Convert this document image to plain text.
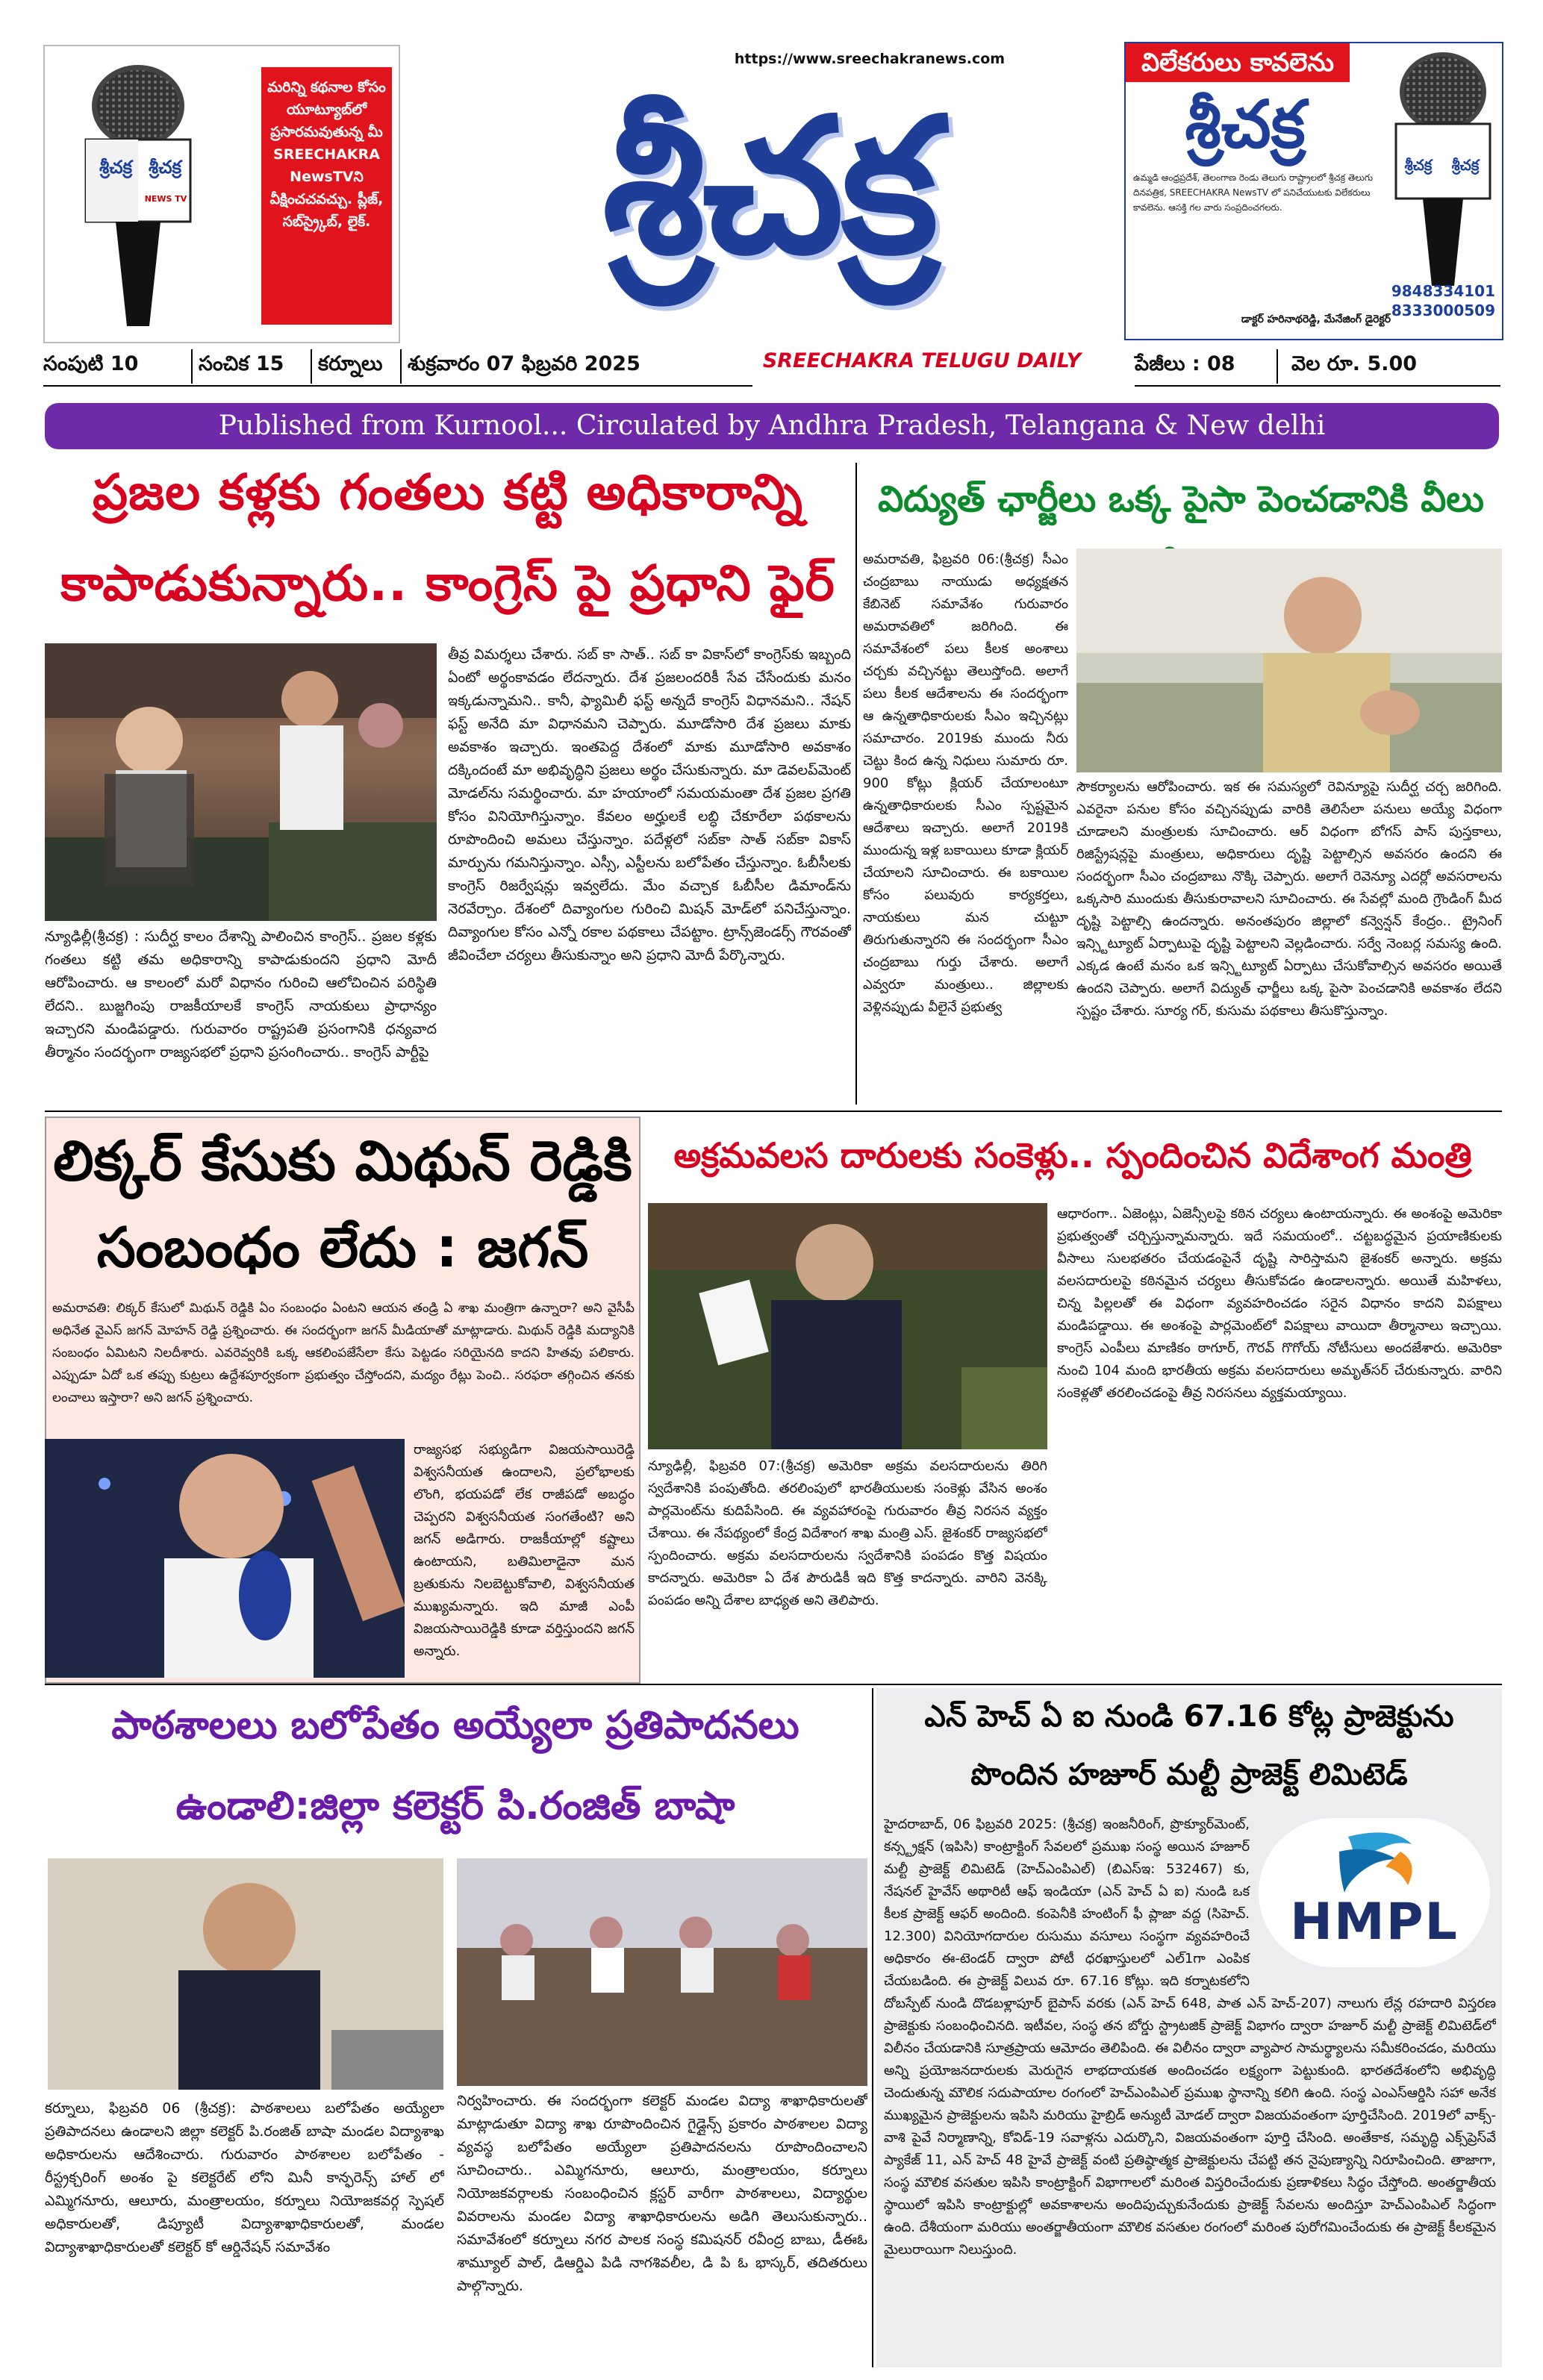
శ్రీచక్ర శ్రీచక్ర
NEWS TV
మరిన్ని కథనాల కోసం యూట్యూబ్‌లో ప్రసారమవుతున్న మీ SREECHAKRA NewsTVని వీక్షించచవచ్చు. ప్లీజ్, సబ్‌స్ర్కైబ్, లైక్.
https://www.sreechakranews.com
శ్రీచక్ర
విలేకరులు కావలెను
శ్రీచక్ర
ఉమ్మడి ఆంధ్రప్రదేశ్, తెలంగాణ రెండు తెలుగు రాష్ట్రాలలో శ్రీచక్ర తెలుగు దినపత్రిక, SREECHAKRA NewsTV లో పనిచేయుటకు విలేకరులు కావలెను. ఆసక్తి గల వారు సంప్రదించగలరు.
శ్రీచక్ర శ్రీచక్ర
9848334101
8333000509
డాక్టర్ హరినాథరెడ్డి, మేనేజింగ్ డైరెక్టర్
సంపుటి 10	సంచిక 15 కర్నూలు శుక్రవారం 07 ఫిబ్రవరి 2025	SREECHAKRA TELUGU DAILY	పేజీలు : 08	వెల రూ. 5.00
Published from Kurnool... Circulated by Andhra Pradesh, Telangana & New delhi
ప్రజల కళ్లకు గంతలు కట్టి అధికారాన్ని
కాపాడుకున్నారు.. కాంగ్రెస్ పై ప్రధాని ఫైర్
న్యూఢిల్లీ(శ్రీచక్ర) : సుదీర్ఘ కాలం దేశాన్ని పాలించిన కాంగ్రెస్.. ప్రజల కళ్లకు గంతలు కట్టి తమ అధికారాన్ని కాపాడుకుందని ప్రధాని మోదీ ఆరోపించారు. ఆ కాలంలో మరో విధానం గురించి ఆలోచించిన పరిస్థితి లేదని.. బుజ్జగింపు రాజకీయాలకే కాంగ్రెస్ నాయకులు ప్రాధాన్యం ఇచ్చారని మండిపడ్డారు. గురువారం రాష్ట్రపతి ప్రసంగానికి ధన్యవాద తీర్మానం సందర్భంగా రాజ్యసభలో ప్రధాని ప్రసంగించారు.. కాంగ్రెస్ పార్టీపై
తీవ్ర విమర్శలు చేశారు. సబ్ కా సాత్.. సబ్ కా వికాస్‌లో కాంగ్రెస్‌కు ఇబ్బంది ఏంటో అర్థంకావడం లేదన్నారు. దేశ ప్రజలందరికీ సేవ చేసేందుకు మనం ఇక్కడున్నామని.. కానీ, ఫ్యామిలీ ఫస్ట్ అన్నదే కాంగ్రెస్ విధానమని.. నేషన్ ఫస్ట్ అనేది మా విధానమని చెప్పారు. మూడోసారి దేశ ప్రజలు మాకు అవకాశం ఇచ్చారు. ఇంతపెద్ద దేశంలో మాకు మూడోసారి అవకాశం దక్కిందంటే మా అభివృద్ధిని ప్రజలు అర్థం చేసుకున్నారు. మా డెవలప్‌మెంట్ మోడల్‌ను సమర్థించారు. మా హయాంలో సమయమంతా దేశ ప్రజల ప్రగతి కోసం వినియోగిస్తున్నాం. కేవలం అర్హులకే లబ్ధి చేకూరేలా పథకాలను రూపొందించి అమలు చేస్తున్నాం. పదేళ్లలో సబ్‌కా సాత్ సబ్‌కా వికాస్ మార్పును గమనిస్తున్నాం. ఎస్సీ, ఎస్టీలను బలోపేతం చేస్తున్నాం. ఓబీసీలకు కాంగ్రెస్ రిజర్వేషన్లు ఇవ్వలేదు. మేం వచ్చాక ఓబీసీల డిమాండ్‌ను నెరవేర్చాం. దేశంలో దివ్యాంగుల గురించి మిషన్ మోడ్‌లో పనిచేస్తున్నాం. దివ్యాంగుల కోసం ఎన్నో రకాల పథకాలు చేపట్టాం. ట్రాన్స్‌జెండర్స్ గౌరవంతో జీవించేలా చర్యలు తీసుకున్నాం అని ప్రధాని మోదీ పేర్కొన్నారు.
విద్యుత్ ఛార్జీలు ఒక్క పైసా పెంచడానికి వీలు
అమరావతి, ఫిబ్రవరి 06:(శ్రీచక్ర) సీఎం చంద్రబాబు నాయుడు అధ్యక్షతన కేబినెట్ సమావేశం గురువారం అమరావతిలో జరిగింది. ఈ సమావేశంలో పలు కీలక అంశాలు చర్చకు వచ్చినట్టు తెలుస్తోంది. అలాగే పలు కీలక ఆదేశాలను ఈ సందర్భంగా ఆ ఉన్నతాధికారులకు సీఎం ఇచ్చినట్లు సమాచారం. 2019కు ముందు నీరు చెట్టు కింద ఉన్న నిధులు సుమారు రూ. 900 కోట్లు క్లియర్ చేయాలంటూ ఉన్నతాధికారులకు సీఎం స్పష్టమైన ఆదేశాలు ఇచ్చారు. అలాగే 2019కి ముందున్న ఇళ్ల బకాయిలు కూడా క్లియర్ చేయాలని సూచించారు. ఈ బకాయిల కోసం పలువురు కార్యకర్తలు, నాయకులు మన చుట్టూ తిరుగుతున్నారని ఈ సందర్భంగా సీఎం చంద్రబాబు గుర్తు చేశారు. అలాగే ఎవ్వరూ మంత్రులు.. జిల్లాలకు వెళ్లినప్పుడు వీలైనే ప్రభుత్వ
సౌకర్యాలను ఆరోపించారు. ఇక ఈ సమస్యలో రెవిన్యూపై సుదీర్ఘ చర్చ జరిగింది. ఎవరైనా పనుల కోసం వచ్చినప్పుడు వారికి తెలిసేలా పనులు అయ్యే విధంగా చూడాలని మంత్రులకు సూచించారు. ఆర్ విధంగా బోగస్ పాస్ పుస్తకాలు, రిజిస్ట్రేషన్లపై మంత్రులు, అధికారులు దృష్టి పెట్టాల్సిన అవసరం ఉందని ఈ సందర్భంగా సీఎం చంద్రబాబు నొక్కి చెప్పారు. అలాగే రెవెన్యూ ఎదర్లో అవసరాలను ఒక్కసారి ముందుకు తీసుకురావాలని సూచించారు. ఈ సేవల్లో మంది గ్రౌండింగ్ మీద దృష్టి పెట్టాల్సి ఉందన్నారు. అనంతపురం జిల్లాలో కన్వెన్షన్ కేంద్రం.. ట్రైనింగ్ ఇన్స్టిట్యూట్ ఏర్పాటుపై దృష్టి పెట్టాలని వెల్లడించారు. సర్వే నెంబర్ల సమస్య ఉంది. ఎక్కడ ఉంటే మనం ఒక ఇన్స్టిట్యూట్ ఏర్పాటు చేసుకోవాల్సిన అవసరం అయితే ఉందని చెప్పారు. అలాగే విద్యుత్ ఛార్జీలు ఒక్క పైసా పెంచడానికి అవకాశం లేదని స్పష్టం చేశారు. సూర్య గర్, కుసుమ పథకాలు తీసుకొస్తున్నాం.
లిక్కర్ కేసుకు మిథున్ రెడ్డికి
సంబంధం లేదు : జగన్
అమరావతి: లిక్కర్ కేసులో మిథున్ రెడ్డికి ఏం సంబంధం ఏంటని ఆయన తండ్రి ఏ శాఖ మంత్రిగా ఉన్నారా? అని వైసీపీ అధినేత వైఎస్ జగన్ మోహన్ రెడ్డి ప్రశ్నించారు. ఈ సందర్భంగా జగన్ మీడియాతో మాట్లాడారు. మిథున్ రెడ్డికి మద్యానికి సంబంధం ఏమిటని నిలదీశారు. ఎవరెవ్వరికి ఒక్క ఆకలింపజేసేలా కేసు పెట్టడం సరియైనది కాదని హితవు పలికారు. ఎప్పుడూ ఏదో ఒక తప్పు కుట్రలు ఉద్దేశపూర్వకంగా ప్రభుత్వం చేస్తోందని, మద్యం రేట్లు పెంచి.. సరఫరా తగ్గించిన తనకు లంచాలు ఇస్తారా? అని జగన్ ప్రశ్నించారు.
రాజ్యసభ సభ్యుడిగా విజయసాయిరెడ్డి విశ్వసనీయత ఉందాలని, ప్రలోభాలకు లొంగి, భయపడో లేక రాజీపడో అబద్ధం చెప్పరని విశ్వసనీయత సంగతేంటి? అని జగన్ అడిగారు. రాజకీయాల్లో కష్టాలు ఉంటాయని, బతిమిలాడైనా మన బ్రతుకును నిలబెట్టుకోవాలి, విశ్వసనీయత ముఖ్యమన్నారు. ఇది మాజీ ఎంపీ విజయసాయిరెడ్డికి కూడా వర్తిస్తుందని జగన్ అన్నారు.
అక్రమవలస దారులకు సంకెళ్లు.. స్పందించిన విదేశాంగ మంత్రి
న్యూఢిల్లీ, ఫిబ్రవరి 07:(శ్రీచక్ర) అమెరికా అక్రమ వలసదారులను తిరిగి స్వదేశానికి పంపుతోంది. తరలింపులో భారతీయులకు సంకెళ్లు వేసిన అంశం పార్లమెంట్‌ను కుదిపేసింది. ఈ వ్యవహారంపై గురువారం తీవ్ర నిరసన వ్యక్తం చేశాయి. ఈ నేపథ్యంలో కేంద్ర విదేశాంగ శాఖ మంత్రి ఎస్. జైశంకర్ రాజ్యసభలో స్పందించారు. అక్రమ వలసదారులను స్వదేశానికి పంపడం కొత్త విషయం కాదన్నారు. అమెరికా ఏ దేశ పౌరుడికీ ఇది కొత్త కాదన్నారు. వారిని వెనక్కి పంపడం అన్ని దేశాల బాధ్యత అని తెలిపారు.
ఆధారంగా.. ఏజెంట్లు, ఏజెన్సీలపై కఠిన చర్యలు ఉంటాయన్నారు. ఈ అంశంపై అమెరికా ప్రభుత్వంతో చర్చిస్తున్నామన్నారు. ఇదే సమయంలో.. చట్టబద్ధమైన ప్రయాణికులకు వీసాలు సులభతరం చేయడంపైనే దృష్టి సారిస్తామని జైశంకర్ అన్నారు. అక్రమ వలసదారులపై కఠినమైన చర్యలు తీసుకోవడం ఉండాలన్నారు. అయితే మహిళలు, చిన్న పిల్లలతో ఈ విధంగా వ్యవహరించడం సరైన విధానం కాదని విపక్షాలు మండిపడ్డాయి. ఈ అంశంపై పార్లమెంట్‌లో విపక్షాలు వాయిదా తీర్మానాలు ఇచ్చాయి. కాంగ్రెస్ ఎంపీలు మాణికం ఠాగూర్, గౌరవ్ గొగోయ్ నోటీసులు అందజేశారు. అమెరికా నుంచి 104 మంది భారతీయ అక్రమ వలసదారులు అమృత్‌సర్ చేరుకున్నారు. వారిని సంకెళ్లతో తరలించడంపై తీవ్ర నిరసనలు వ్యక్తమయ్యాయి.
పాఠశాలలు బలోపేతం అయ్యేలా ప్రతిపాదనలు
ఉండాలి:జిల్లా కలెక్టర్ పి.రంజిత్ బాషా
కర్నూలు, ఫిబ్రవరి 06 (శ్రీచక్ర): పాఠశాలలు బలోపేతం అయ్యేలా ప్రతిపాదనలు ఉండాలని జిల్లా కలెక్టర్ పి.రంజిత్ బాషా మండల విద్యాశాఖ అధికారులను ఆదేశించారు. గురువారం పాఠశాలల బలోపేతం - రీస్ట్రక్చరింగ్ అంశం పై కలెక్టరేట్ లోని మినీ కాన్ఫరెన్స్ హాల్ లో ఎమ్మిగనూరు, ఆలూరు, మంత్రాలయం, కర్నూలు నియోజకవర్గ స్పెషల్ అధికారులతో, డిప్యూటీ విద్యాశాఖాధికారులతో, మండల విద్యాశాఖాధికారులతో కలెక్టర్ కో ఆర్డినేషన్ సమావేశం
నిర్వహించారు. ఈ సందర్భంగా కలెక్టర్ మండల విద్యా శాఖాధికారులతో మాట్లాడుతూ విద్యా శాఖ రూపొందించిన గైడ్లైన్స్ ప్రకారం పాఠశాలల విద్యా వ్యవస్థ బలోపేతం అయ్యేలా ప్రతిపాదనలను రూపొందించాలని సూచించారు.. ఎమ్మిగనూరు, ఆలూరు, మంత్రాలయం, కర్నూలు నియోజకవర్గాలకు సంబంధించిన క్లస్టర్ వారీగా పాఠశాలలు, విద్యార్థుల వివరాలను మండల విద్యా శాఖాధికారులను అడిగి తెలుసుకున్నారు.. సమావేశంలో కర్నూలు నగర పాలక సంస్థ కమిషనర్ రవీంద్ర బాబు, డీఈఓ శామ్యూల్ పాల్, డిఆర్డిఎ పిడి నాగశివలీల, డి పి ఓ భాస్కర్, తదితరులు పాల్గొన్నారు.
ఎన్ హెచ్ ఏ ఐ నుండి 67.16 కోట్ల ప్రాజెక్టును
పొందిన హజూర్ మల్టీ ప్రాజెక్ట్ లిమిటెడ్
HMPL
హైదరాబాద్, 06 ఫిబ్రవరి 2025: (శ్రీచక్ర) ఇంజనీరింగ్, ప్రొక్యూర్‌మెంట్, కన్స్ట్రక్షన్ (ఇపిసి) కాంట్రాక్టింగ్ సేవలలో ప్రముఖ సంస్థ అయిన హజూర్ మల్టీ ప్రాజెక్ట్ లిమిటెడ్ (హెచ్ఎంపిఎల్) (బిఎస్ఇ: 532467) కు, నేషనల్ హైవేస్ అథారిటీ ఆఫ్ ఇండియా (ఎన్ హెచ్ ఏ ఐ) నుండి ఒక కీలక ప్రాజెక్ట్ ఆఫర్ అందింది. కంపెనీకి హంటింగ్ ఫీ ప్లాజా వద్ద (సిహెచ్. 12.300) వినియోగదారుల రుసుము వసూలు సంస్థగా వ్యవహరించే అధికారం ఈ-టెండర్ ద్వారా పోటీ ధరఖాస్తులలో ఎల్1గా ఎంపిక చేయబడింది. ఈ ప్రాజెక్ట్ విలువ రూ. 67.16 కోట్లు. ఇది కర్నాటకలోని దోబస్పేట్ నుండి దొడబళ్లాపూర్ బైపాస్ వరకు (ఎన్ హెచ్ 648, పాత ఎన్ హెచ్-207) నాలుగు లేన్ల రహదారి విస్తరణ ప్రాజెక్టుకు సంబంధించినది. ఇటీవల, సంస్థ తన బోర్డు స్ట్రాటజిక్ ప్రాజెక్ట్ విభాగం ద్వారా హజూర్ మల్టీ ప్రాజెక్ట్ లిమిటెడ్‌లో విలీనం చేయడానికి సూత్రప్రాయ ఆమోదం తెలిపింది. ఈ విలీనం ద్వారా వ్యాపార సామర్థ్యాలను సమీకరించడం, మరియు అన్ని ప్రయోజనదారులకు మెరుగైన లాభదాయకత అందించడం లక్ష్యంగా పెట్టుకుంది. భారతదేశంలోని అభివృద్ధి చెందుతున్న మౌలిక సదుపాయాల రంగంలో హెచ్ఎంపిఎల్ ప్రముఖ స్థానాన్ని కలిగి ఉంది. సంస్థ ఎంఎస్ఆర్డిసి సహా అనేక ముఖ్యమైన ప్రాజెక్టులను ఇపిసి మరియు హైబ్రిడ్ అన్యుటీ మోడల్ ద్వారా విజయవంతంగా పూర్తిచేసింది. 2019లో వాక్స్-వాశి పైవే నిర్మాణాన్ని, కోవిడ్-19 సవాళ్లను ఎదుర్కొని, విజయవంతంగా పూర్తి చేసింది. అంతేకాక, సమృద్ధి ఎక్స్‌ప్రెస్‌వే ప్యాకేజ్ 11, ఎన్ హెచ్ 48 హైవే ప్రాజెక్ట్ వంటి ప్రతిష్ఠాత్మక ప్రాజెక్టులను చేపట్టి తన నైపుణ్యాన్ని నిరూపించింది. తాజాగా, సంస్థ మౌలిక వసతుల ఇపిసి కాంట్రాక్టింగ్ విభాగాలలో మరింత విస్తరించేందుకు ప్రణాళికలు సిద్ధం చేస్తోంది. అంతర్జాతీయ స్థాయిలో ఇపిసి కాంట్రాక్టుల్లో అవకాశాలను అందిపుచ్చుకునేందుకు ప్రాజెక్ట్ సేవలను అందిస్తూ హెచ్ఎంపిఎల్ సిద్ధంగా ఉంది. దేశీయంగా మరియు అంతర్జాతీయంగా మౌలిక వసతుల రంగంలో మరింత పురోగమించేందుకు ఈ ప్రాజెక్ట్ కీలకమైన మైలురాయిగా నిలుస్తుంది.
